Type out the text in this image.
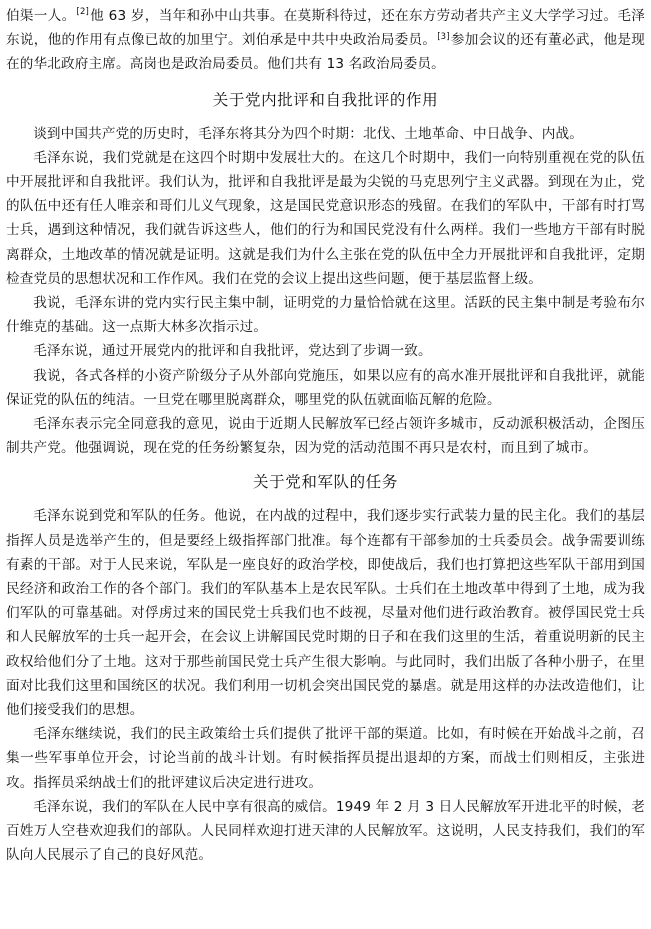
伯渠一人。[2]他 63 岁，当年和孙中山共事。在莫斯科待过，还在东方劳动者共产主义大学学习过。毛泽东说，他的作用有点像已故的加里宁。刘伯承是中共中央政治局委员。[3]参加会议的还有董必武，他是现在的华北政府主席。高岗也是政治局委员。他们共有 13 名政治局委员。

关于党内批评和自我批评的作用

谈到中国共产党的历史时，毛泽东将其分为四个时期：北伐、土地革命、中日战争、内战。

毛泽东说，我们党就是在这四个时期中发展壮大的。在这几个时期中，我们一向特别重视在党的队伍中开展批评和自我批评。我们认为，批评和自我批评是最为尖锐的马克思列宁主义武器。到现在为止，党的队伍中还有任人唯亲和哥们儿义气现象，这是国民党意识形态的残留。在我们的军队中，干部有时打骂士兵，遇到这种情况，我们就告诉这些人，他们的行为和国民党没有什么两样。我们一些地方干部有时脱离群众，土地改革的情况就是证明。这就是我们为什么主张在党的队伍中全力开展批评和自我批评，定期检查党员的思想状况和工作作风。我们在党的会议上提出这些问题，便于基层监督上级。

我说，毛泽东讲的党内实行民主集中制，证明党的力量恰恰就在这里。活跃的民主集中制是考验布尔什维克的基础。这一点斯大林多次指示过。

毛泽东说，通过开展党内的批评和自我批评，党达到了步调一致。

我说，各式各样的小资产阶级分子从外部向党施压，如果以应有的高水准开展批评和自我批评，就能保证党的队伍的纯洁。一旦党在哪里脱离群众，哪里党的队伍就面临瓦解的危险。

毛泽东表示完全同意我的意见，说由于近期人民解放军已经占领许多城市，反动派积极活动，企图压制共产党。他强调说，现在党的任务纷繁复杂，因为党的活动范围不再只是农村，而且到了城市。

关于党和军队的任务

毛泽东说到党和军队的任务。他说，在内战的过程中，我们逐步实行武装力量的民主化。我们的基层指挥人员是选举产生的，但是要经上级指挥部门批准。每个连都有干部参加的士兵委员会。战争需要训练有素的干部。对于人民来说，军队是一座良好的政治学校，即使战后，我们也打算把这些军队干部用到国民经济和政治工作的各个部门。我们的军队基本上是农民军队。士兵们在土地改革中得到了土地，成为我们军队的可靠基础。对俘虏过来的国民党士兵我们也不歧视，尽量对他们进行政治教育。被俘国民党士兵和人民解放军的士兵一起开会，在会议上讲解国民党时期的日子和在我们这里的生活，着重说明新的民主政权给他们分了土地。这对于那些前国民党士兵产生很大影响。与此同时，我们出版了各种小册子，在里面对比我们这里和国统区的状况。我们利用一切机会突出国民党的暴虐。就是用这样的办法改造他们，让他们接受我们的思想。

毛泽东继续说，我们的民主政策给士兵们提供了批评干部的渠道。比如，有时候在开始战斗之前，召集一些军事单位开会，讨论当前的战斗计划。有时候指挥员提出退却的方案，而战士们则相反，主张进攻。指挥员采纳战士们的批评建议后决定进行进攻。

毛泽东说，我们的军队在人民中享有很高的威信。1949 年 2 月 3 日人民解放军开进北平的时候，老百姓万人空巷欢迎我们的部队。人民同样欢迎打进天津的人民解放军。这说明，人民支持我们，我们的军队向人民展示了自己的良好风范。
